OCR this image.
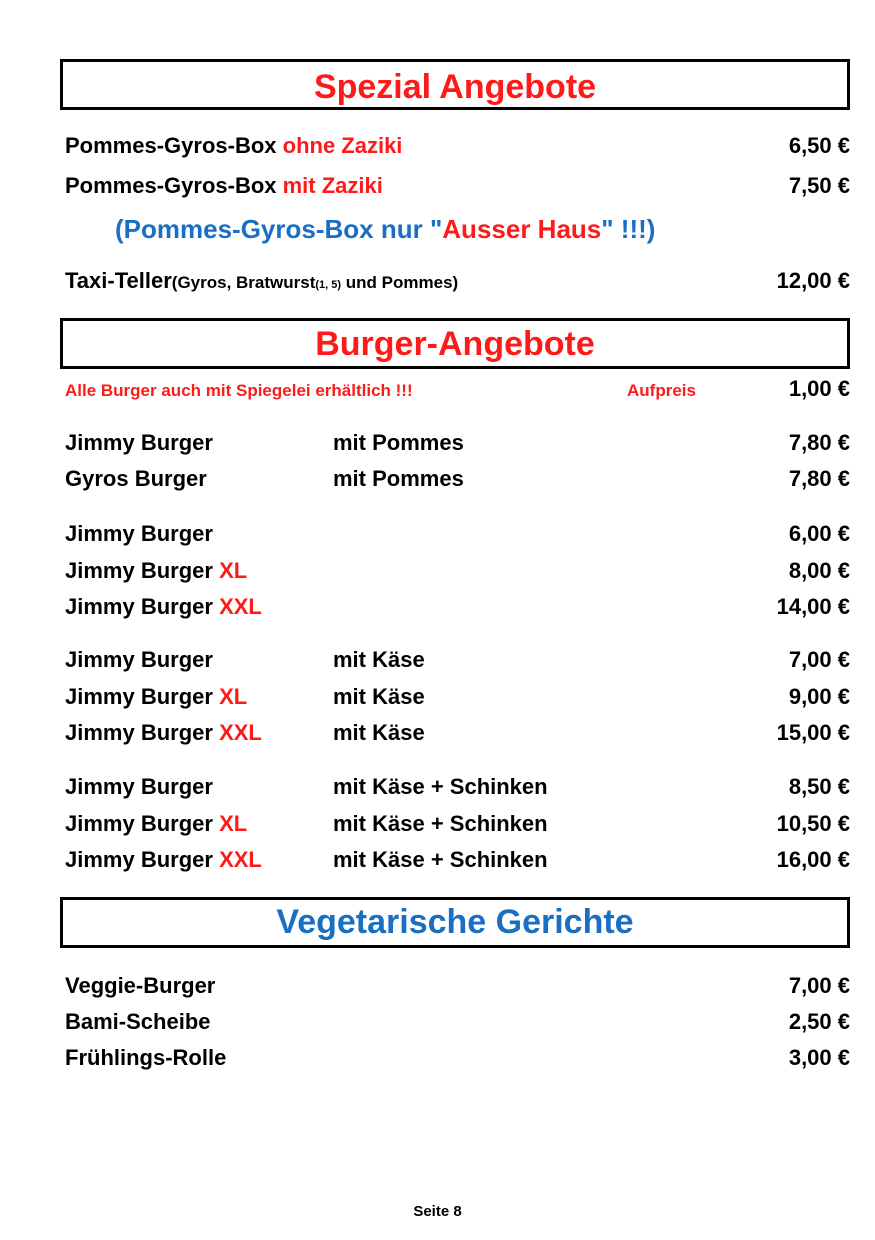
Spezial Angebote
Pommes-Gyros-Box ohne Zaziki	6,50 €
Pommes-Gyros-Box mit Zaziki	7,50 €
(Pommes-Gyros-Box nur "Ausser Haus" !!!)
Taxi-Teller(Gyros, Bratwurst(1, 5) und Pommes)	12,00 €
Burger-Angebote
Alle Burger auch mit Spiegelei erhältlich !!!	Aufpreis	1,00 €
Jimmy Burger	mit Pommes	7,80 €
Gyros Burger	mit Pommes	7,80 €
Jimmy Burger	6,00 €
Jimmy Burger XL	8,00 €
Jimmy Burger XXL	14,00 €
Jimmy Burger	mit Käse	7,00 €
Jimmy Burger XL	mit Käse	9,00 €
Jimmy Burger XXL	mit Käse	15,00 €
Jimmy Burger	mit Käse + Schinken	8,50 €
Jimmy Burger XL	mit Käse + Schinken	10,50 €
Jimmy Burger XXL	mit Käse + Schinken	16,00 €
Vegetarische Gerichte
Veggie-Burger	7,00 €
Bami-Scheibe	2,50 €
Frühlings-Rolle	3,00 €
Seite 8
